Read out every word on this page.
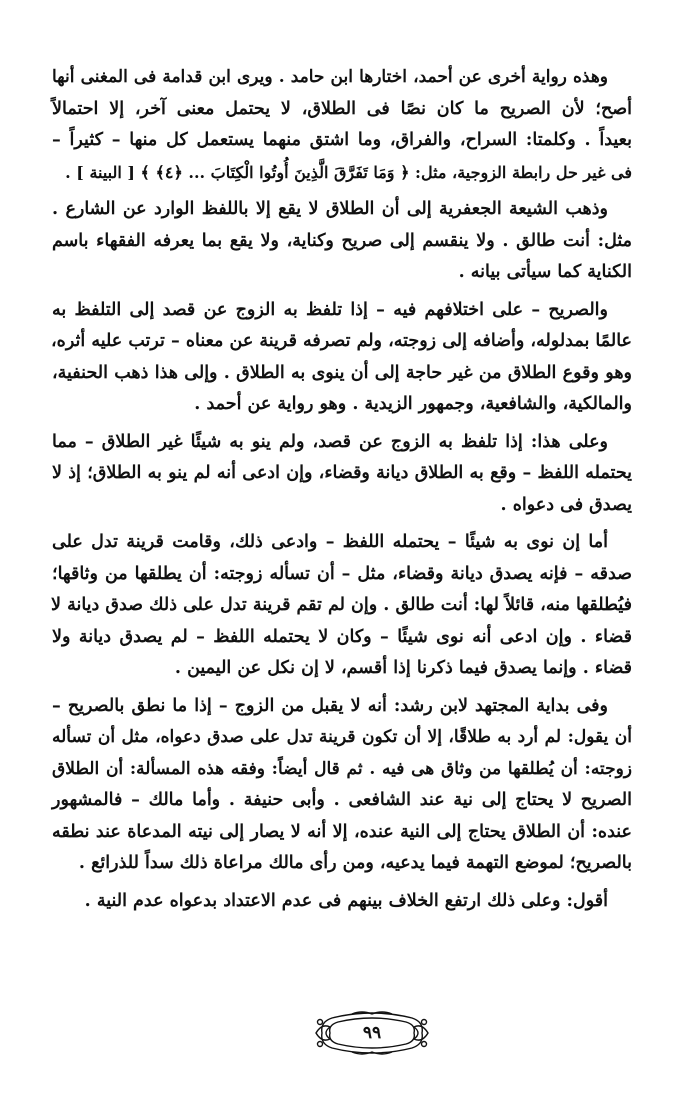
وهذه رواية أخرى عن أحمد، اختارها ابن حامد . ويرى ابن قدامة فى المغنى أنها
أصح؛ لأن الصريح ما كان نصًا فى الطلاق، لا يحتمل معنى آخر، إلا احتمالاً
بعيداً . وكلمتا: السراح، والفراق، وما اشتق منهما يستعمل كل منها – كثيراً –
فى غير حل رابطة الزوجية، مثل: ﴿ وَمَا تَفَرَّقَ الَّذِينَ أُوتُوا الْكِتَابَ ... ﴿٤﴾ ﴾ [ البينة ] .
وذهب الشيعة الجعفرية إلى أن الطلاق لا يقع إلا باللفظ الوارد عن الشارع .
مثل: أنت طالق . ولا ينقسم إلى صريح وكناية، ولا يقع بما يعرفه الفقهاء باسم
الكناية كما سيأتى بيانه .
والصريح – على اختلافهم فيه – إذا تلفظ به الزوج عن قصد إلى التلفظ به
عالمًا بمدلوله، وأضافه إلى زوجته، ولم تصرفه قرينة عن معناه – ترتب عليه أثره،
وهو وقوع الطلاق من غير حاجة إلى أن ينوى به الطلاق . وإلى هذا ذهب الحنفية،
والمالكية، والشافعية، وجمهور الزيدية . وهو رواية عن أحمد .
وعلى هذا: إذا تلفظ به الزوج عن قصد، ولم ينو به شيئًا غير الطلاق – مما
يحتمله اللفظ – وقع به الطلاق ديانة وقضاء، وإن ادعى أنه لم ينو به الطلاق؛ إذ لا
يصدق فى دعواه .
أما إن نوى به شيئًا – يحتمله اللفظ – وادعى ذلك، وقامت قرينة تدل على
صدقه – فإنه يصدق ديانة وقضاء، مثل – أن تسأله زوجته: أن يطلقها من وثاقها؛
فيُطلقها منه، قائلاً لها: أنت طالق . وإن لم تقم قرينة تدل على ذلك صدق ديانة لا
قضاء . وإن ادعى أنه نوى شيئًا – وكان لا يحتمله اللفظ – لم يصدق ديانة ولا
قضاء . وإنما يصدق فيما ذكرنا إذا أقسم، لا إن نكل عن اليمين .
وفى بداية المجتهد لابن رشد: أنه لا يقبل من الزوج – إذا ما نطق بالصريح –
أن يقول: لم أرد به طلاقًا، إلا أن تكون قرينة تدل على صدق دعواه، مثل أن تسأله
زوجته: أن يُطلقها من وثاق هى فيه . ثم قال أيضاً: وفقه هذه المسألة: أن الطلاق
الصريح لا يحتاج إلى نية عند الشافعى . وأبى حنيفة . وأما مالك – فالمشهور
عنده: أن الطلاق يحتاج إلى النية عنده، إلا أنه لا يصار إلى نيته المدعاة عند نطقه
بالصريح؛ لموضع التهمة فيما يدعيه، ومن رأى مالك مراعاة ذلك سداً للذرائع .
أقول: وعلى ذلك ارتفع الخلاف بينهم فى عدم الاعتداد بدعواه عدم النية .
٩٩
